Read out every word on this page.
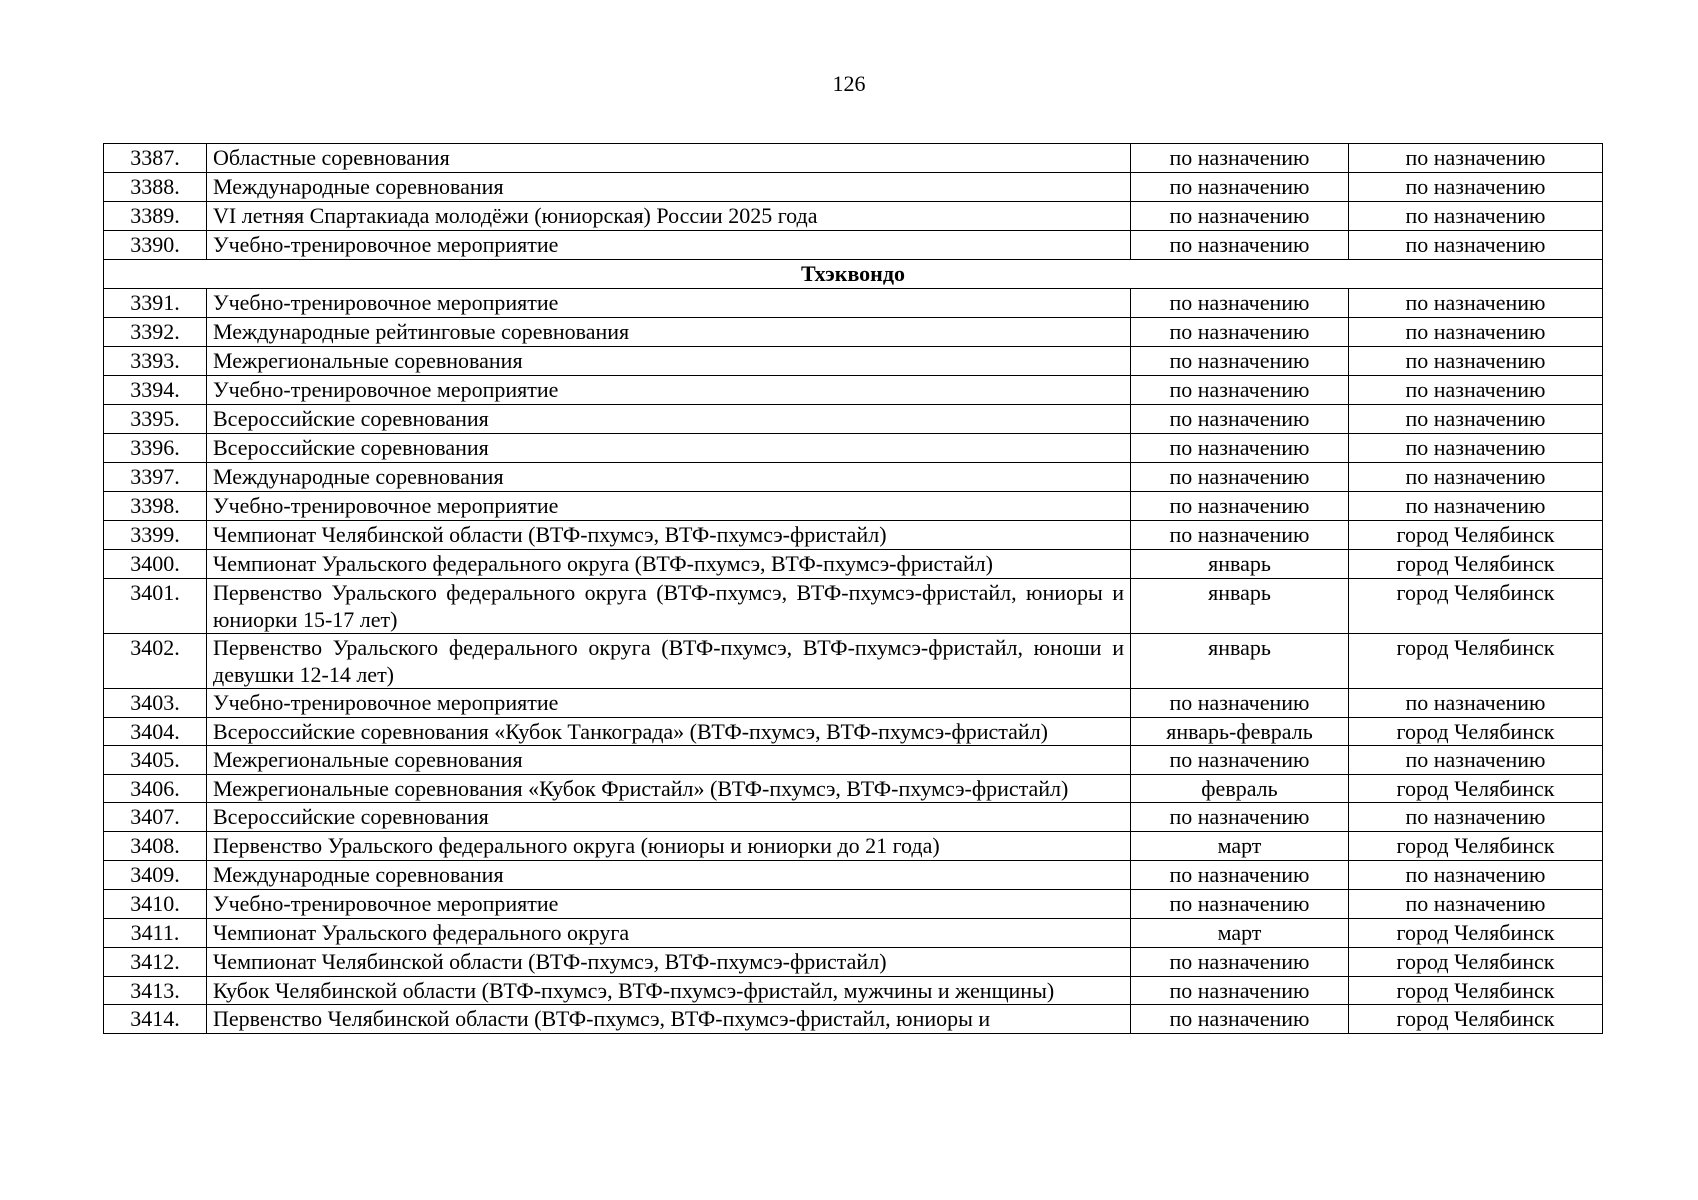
126
3387.	Областные соревнования	по назначению	по назначению
3388.	Международные соревнования	по назначению	по назначению
3389.	VI летняя Спартакиада молодёжи (юниорская) России 2025 года	по назначению	по назначению
3390.	Учебно-тренировочное мероприятие	по назначению	по назначению
Тхэквондо			
3391.	Учебно-тренировочное мероприятие	по назначению	по назначению
3392.	Международные рейтинговые соревнования	по назначению	по назначению
3393.	Межрегиональные соревнования	по назначению	по назначению
3394.	Учебно-тренировочное мероприятие	по назначению	по назначению
3395.	Всероссийские соревнования	по назначению	по назначению
3396.	Всероссийские соревнования	по назначению	по назначению
3397.	Международные соревнования	по назначению	по назначению
3398.	Учебно-тренировочное мероприятие	по назначению	по назначению
3399.	Чемпионат Челябинской области (ВТФ-пхумсэ, ВТФ-пхумсэ-фристайл)	по назначению	город Челябинск
3400.	Чемпионат Уральского федерального округа (ВТФ-пхумсэ, ВТФ-пхумсэ-фристайл)	январь	город Челябинск
3401.	Первенство Уральского федерального округа (ВТФ-пхумсэ, ВТФ-пхумсэ-фристайл, юниоры и юниорки 15-17 лет)	январь	город Челябинск
3402.	Первенство Уральского федерального округа (ВТФ-пхумсэ, ВТФ-пхумсэ-фристайл, юноши и девушки 12-14 лет)	январь	город Челябинск
3403.	Учебно-тренировочное мероприятие	по назначению	по назначению
3404.	Всероссийские соревнования «Кубок Танкограда» (ВТФ-пхумсэ, ВТФ-пхумсэ-фристайл)	январь-февраль	город Челябинск
3405.	Межрегиональные соревнования	по назначению	по назначению
3406.	Межрегиональные соревнования «Кубок Фристайл» (ВТФ-пхумсэ, ВТФ-пхумсэ-фристайл)	февраль	город Челябинск
3407.	Всероссийские соревнования	по назначению	по назначению
3408.	Первенство Уральского федерального округа (юниоры и юниорки до 21 года)	март	город Челябинск
3409.	Международные соревнования	по назначению	по назначению
3410.	Учебно-тренировочное мероприятие	по назначению	по назначению
3411.	Чемпионат Уральского федерального округа	март	город Челябинск
3412.	Чемпионат Челябинской области (ВТФ-пхумсэ, ВТФ-пхумсэ-фристайл)	по назначению	город Челябинск
3413.	Кубок Челябинской области (ВТФ-пхумсэ, ВТФ-пхумсэ-фристайл, мужчины и женщины)	по назначению	город Челябинск
3414.	Первенство Челябинской области (ВТФ-пхумсэ, ВТФ-пхумсэ-фристайл, юниоры и	по назначению	город Челябинск
